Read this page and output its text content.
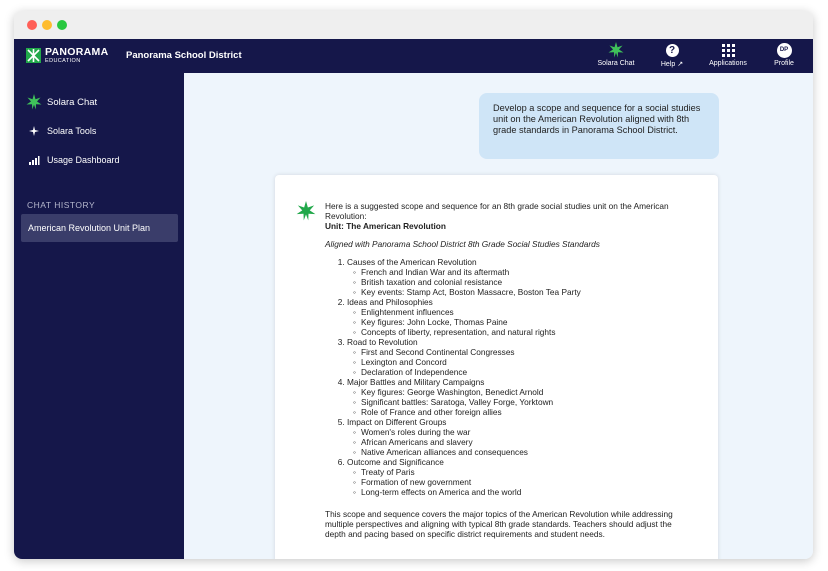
PANORAMA
EDUCATION	Panorama School District
Solara Chat
?
Help ↗	Applications
DP
Profile
Solara Chat
Solara Tools
Usage Dashboard
CHAT HISTORY
American Revolution Unit Plan
Develop a scope and sequence for a social studies unit on the American Revolution aligned with 8th grade standards in Panorama School District.
Here is a suggested scope and sequence for an 8th grade social studies unit on the American Revolution:
Unit: The American Revolution
Aligned with Panorama School District 8th Grade Social Studies Standards
1. Causes of the American Revolution
◦ French and Indian War and its aftermath
◦ British taxation and colonial resistance
◦ Key events: Stamp Act, Boston Massacre, Boston Tea Party
2. Ideas and Philosophies
◦ Enlightenment influences
◦ Key figures: John Locke, Thomas Paine
◦ Concepts of liberty, representation, and natural rights
3. Road to Revolution
◦ First and Second Continental Congresses
◦ Lexington and Concord
◦ Declaration of Independence
4. Major Battles and Military Campaigns
◦ Key figures: George Washington, Benedict Arnold
◦ Significant battles: Saratoga, Valley Forge, Yorktown
◦ Role of France and other foreign allies
5. Impact on Different Groups
◦ Women's roles during the war
◦ African Americans and slavery
◦ Native American alliances and consequences
6. Outcome and Significance
◦ Treaty of Paris
◦ Formation of new government
◦ Long-term effects on America and the world
This scope and sequence covers the major topics of the American Revolution while addressing multiple perspectives and aligning with typical 8th grade standards. Teachers should adjust the depth and pacing based on specific district requirements and student needs.
